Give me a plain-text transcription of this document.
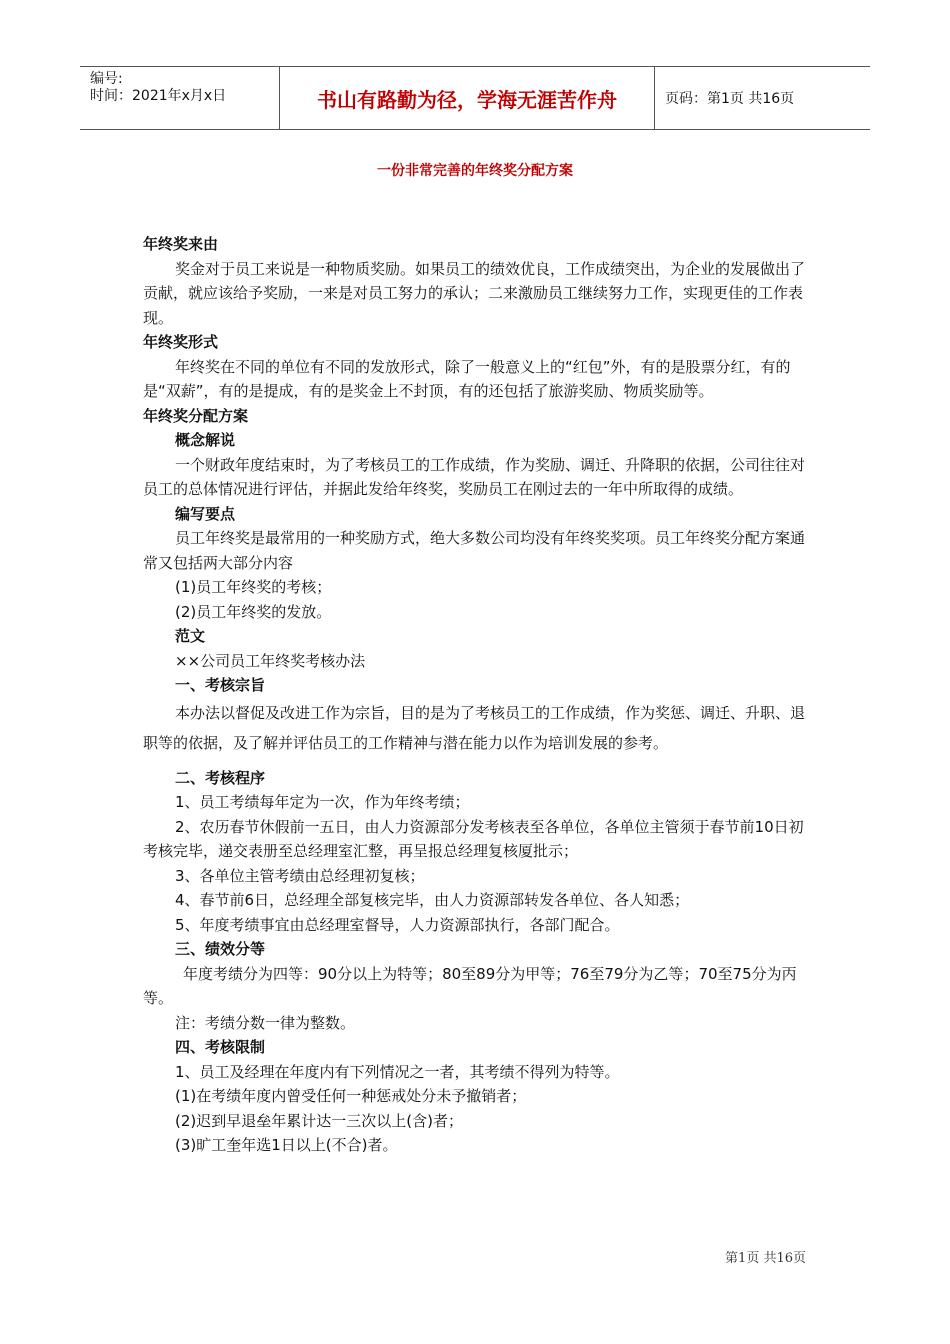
编号:
时间：2021年x月x日	书山有路勤为径，学海无涯苦作舟	页码：第1页 共16页
一份非常完善的年终奖分配方案

年终奖来由

奖金对于员工来说是一种物质奖励。如果员工的绩效优良，工作成绩突出，为企业的发展做出了贡献，就应该给予奖励，一来是对员工努力的承认；二来激励员工继续努力工作，实现更佳的工作表现。

年终奖形式

年终奖在不同的单位有不同的发放形式，除了一般意义上的“红包”外，有的是股票分红，有的是“双薪”，有的是提成，有的是奖金上不封顶，有的还包括了旅游奖励、物质奖励等。

年终奖分配方案

概念解说

一个财政年度结束时，为了考核员工的工作成绩，作为奖励、调迁、升降职的依据，公司往往对员工的总体情况进行评估，并据此发给年终奖，奖励员工在刚过去的一年中所取得的成绩。

编写要点

员工年终奖是最常用的一种奖励方式，绝大多数公司均没有年终奖奖项。员工年终奖分配方案通常又包括两大部分内容

(1)员工年终奖的考核；

(2)员工年终奖的发放。

范文

××公司员工年终奖考核办法

一、考核宗旨

本办法以督促及改进工作为宗旨，目的是为了考核员工的工作成绩，作为奖惩、调迁、升职、退职等的依据，及了解并评估员工的工作精神与潜在能力以作为培训发展的参考。

二、考核程序

1、员工考绩每年定为一次，作为年终考绩；

2、农历春节休假前一五日，由人力资源部分发考核表至各单位，各单位主管须于春节前10日初考核完毕，递交表册至总经理室汇整，再呈报总经理复核厦批示；

3、各单位主管考绩由总经理初复核；

4、春节前6日，总经理全部复核完毕，由人力资源部转发各单位、各人知悉；

5、年度考绩事宜由总经理室督导，人力资源部执行，各部门配合。

三、绩效分等

年度考绩分为四等：90分以上为特等；80至89分为甲等；76至79分为乙等；70至75分为丙等。

注：考绩分数一律为整数。

四、考核限制

1、员工及经理在年度内有下列情况之一者，其考绩不得列为特等。

(1)在考绩年度内曾受任何一种惩戒处分未予撤销者；

(2)迟到早退垒年累计达一三次以上(含)者；

(3)旷工奎年选1日以上(不合)者。

第1页 共16页
